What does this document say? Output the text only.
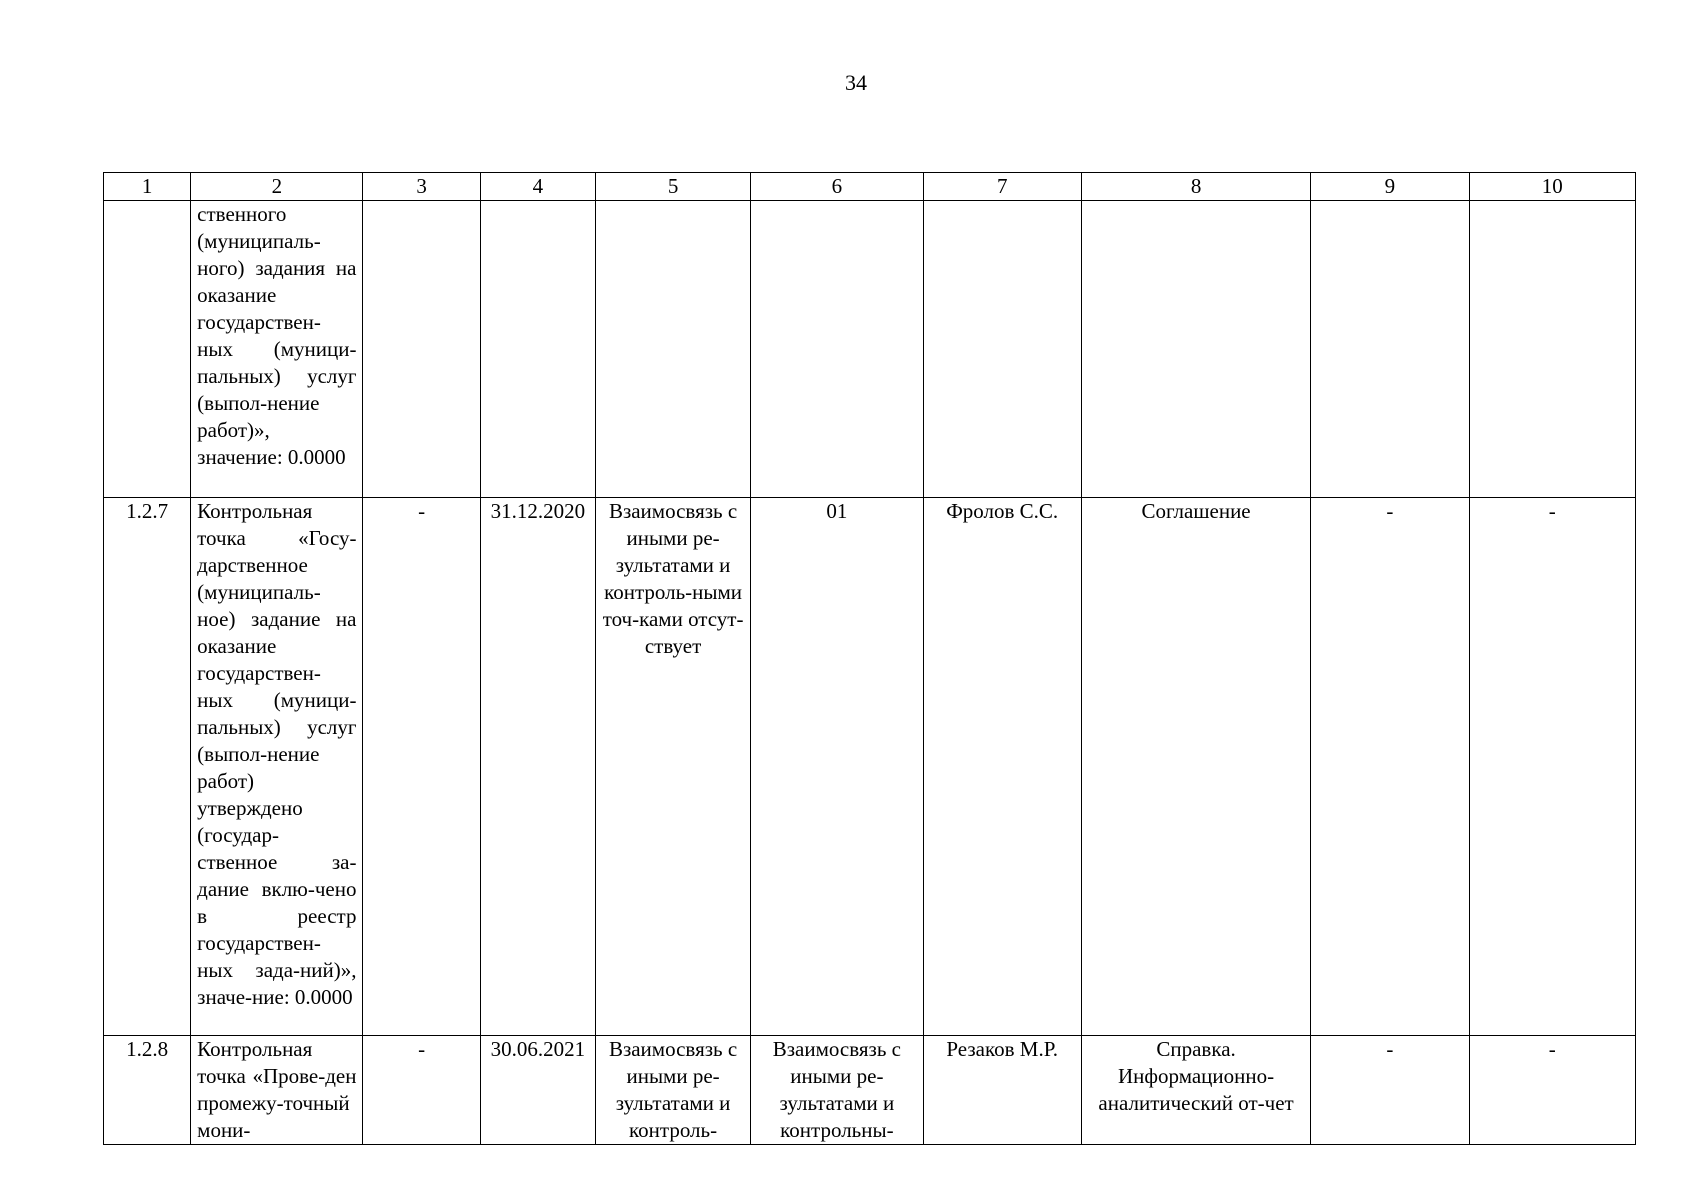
34
1	2	3	4	5	6	7	8	9	10
	ственного (муниципаль-ного) задания на оказание государствен-ных (муници-пальных) услуг (выпол-нение работ)», значение: 0.0000								
1.2.7	Контрольная точка «Госу-дарственное (муниципаль-ное) задание на оказание государствен-ных (муници-пальных) услуг (выпол-нение работ) утверждено (государ-ственное за-дание вклю-чено в реестр государствен-ных зада-ний)», значе-ние: 0.0000	-	31.12.2020	Взаимосвязь с иными ре-зультатами и контроль-ными точ-ками отсут-ствует	01	Фролов С.С.	Соглашение	-	-
1.2.8	Контрольная точка «Прове-ден промежу-точный мони-	-	30.06.2021	Взаимосвязь с иными ре-зультатами и контроль-	Взаимосвязь с иными ре-зультатами и контрольны-	Резаков М.Р.	Справка. Информационно-аналитический от-чет	-	-
